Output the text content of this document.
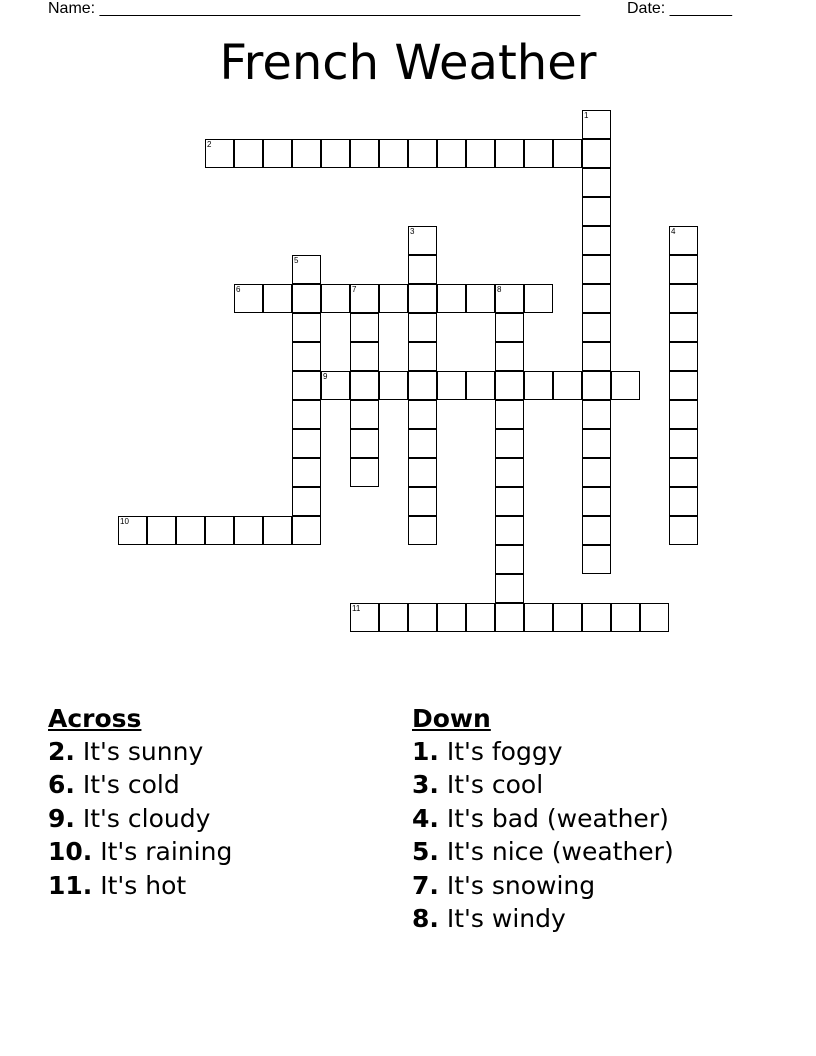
Name: ______________________________________________________	Date: _______
French Weather
1
2
3	4
5
6	7	8
9
10
11
Across
2. It's sunny
6. It's cold
9. It's cloudy
10. It's raining
11. It's hot
Down
1. It's foggy
3. It's cool
4. It's bad (weather)
5. It's nice (weather)
7. It's snowing
8. It's windy
